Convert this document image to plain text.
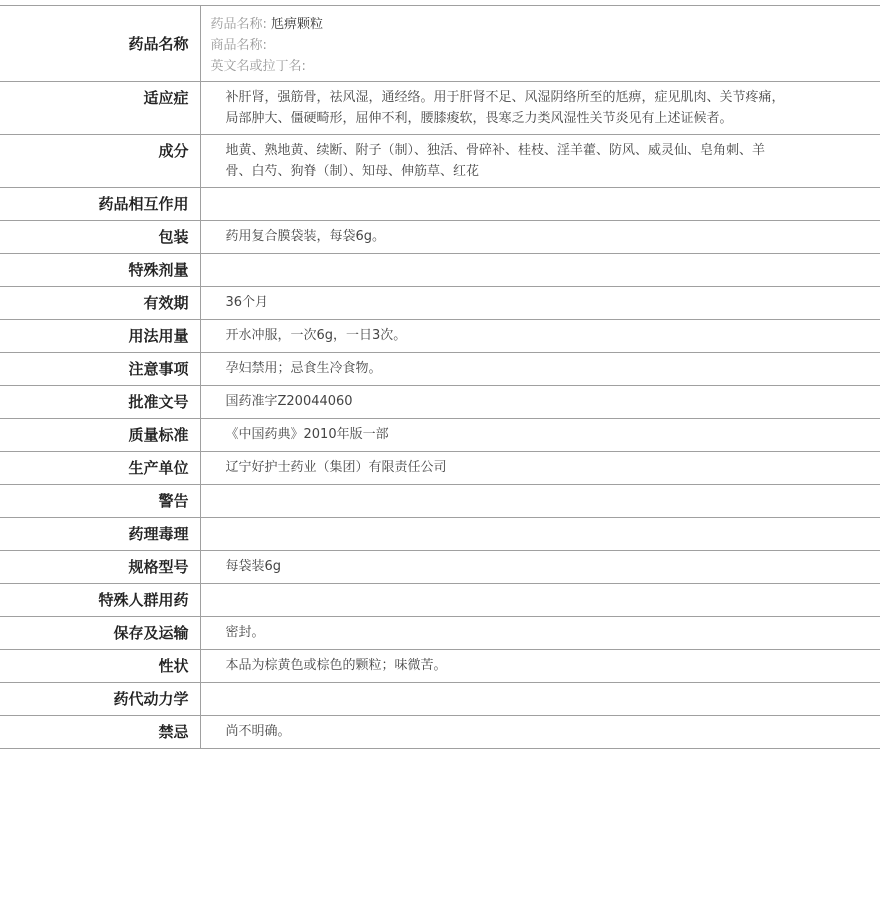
药品名称	药品名称: 尪痹颗粒
商品名称:
英文名或拉丁名:

适应症	补肝肾，强筋骨，祛风湿，通经络。用于肝肾不足、风湿阴络所至的尪痹，症见肌肉、关节疼痛，局部肿大、僵硬畸形，屈伸不利，腰膝痠软，畏寒乏力类风湿性关节炎见有上述证候者。

成分	地黄、熟地黄、续断、附子（制）、独活、骨碎补、桂枝、淫羊藿、防风、威灵仙、皂角刺、羊骨、白芍、狗脊（制）、知母、伸筋草、红花

药品相互作用	

包装	药用复合膜袋装，每袋6g。

特殊剂量	

有效期	36个月

用法用量	开水冲服，一次6g，一日3次。

注意事项	孕妇禁用；忌食生冷食物。

批准文号	国药准字Z20044060

质量标准	《中国药典》2010年版一部

生产单位	辽宁好护士药业（集团）有限责任公司

警告	

药理毒理	

规格型号	每袋装6g

特殊人群用药	

保存及运输	密封。

性状	本品为棕黄色或棕色的颗粒；味微苦。

药代动力学	

禁忌	尚不明确。
